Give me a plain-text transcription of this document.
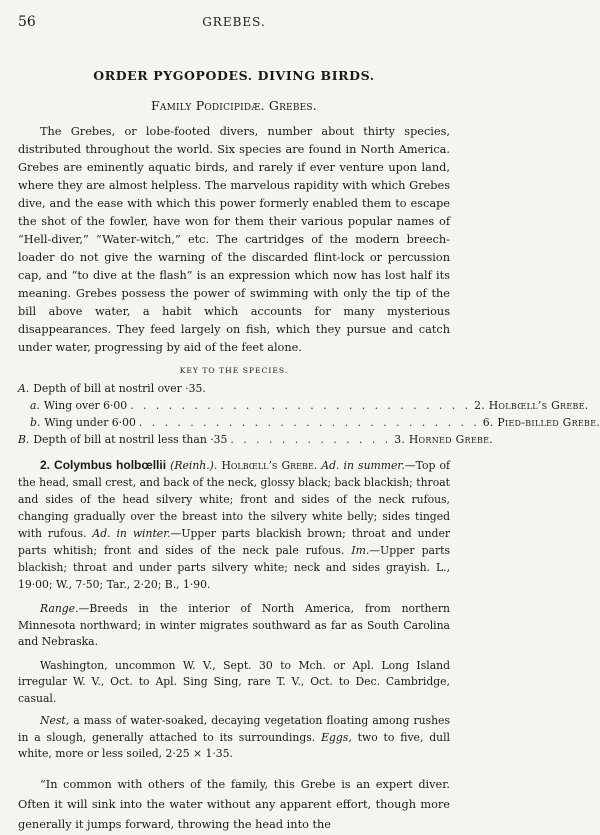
56	GREBES.
ORDER PYGOPODES. DIVING BIRDS.
Family Podicipidæ. Grebes.

The Grebes, or lobe-footed divers, number about thirty species, distributed throughout the world. Six species are found in North America. Grebes are eminently aquatic birds, and rarely if ever venture upon land, where they are almost helpless. The marvelous rapidity with which Grebes dive, and the ease with which this power formerly enabled them to escape the shot of the fowler, have won for them their various popular names of “Hell-diver,” “Water-witch,” etc. The cartridges of the modern breech-loader do not give the warning of the discarded flint-lock or percussion cap, and “to dive at the flash” is an expression which now has lost half its meaning. Grebes possess the power of swimming with only the tip of the bill above water, a habit which accounts for many mysterious disappearances. They feed largely on fish, which they pursue and catch under water, progressing by aid of the feet alone.

KEY TO THE SPECIES.
A. Depth of bill at nostril over ·35.
a. Wing over 6·00 . . . . . . . . . . . . . . . . . . . . . . . . . . . 2. Holbœll’s Grebe.
b. Wing under 6·00 . . . . . . . . . . . . . . . . . . . . . . . . . . . 6. Pied-billed Grebe.
B. Depth of bill at nostril less than ·35 . . . . . . . . . . . . . 3. Horned Grebe.

2. Colymbus holbœllii (Reinh.). Holbœll’s Grebe. Ad. in summer.—Top of the head, small crest, and back of the neck, glossy black; back blackish; throat and sides of the head silvery white; front and sides of the neck rufous, changing gradually over the breast into the silvery white belly; sides tinged with rufous. Ad. in winter.—Upper parts blackish brown; throat and under parts whitish; front and sides of the neck pale rufous. Im.—Upper parts blackish; throat and under parts silvery white; neck and sides grayish. L., 19·00; W., 7·50; Tar., 2·20; B., 1·90.

Range.—Breeds in the interior of North America, from northern Minnesota northward; in winter migrates southward as far as South Carolina and Nebraska.

Washington, uncommon W. V., Sept. 30 to Mch. or Apl. Long Island irregular W. V., Oct. to Apl. Sing Sing, rare T. V., Oct. to Dec. Cambridge, casual.

Nest, a mass of water-soaked, decaying vegetation floating among rushes in a slough, generally attached to its surroundings. Eggs, two to five, dull white, more or less soiled, 2·25 × 1·35.

“In common with others of the family, this Grebe is an expert diver. Often it will sink into the water without any apparent effort, though more generally it jumps forward, throwing the head into the
